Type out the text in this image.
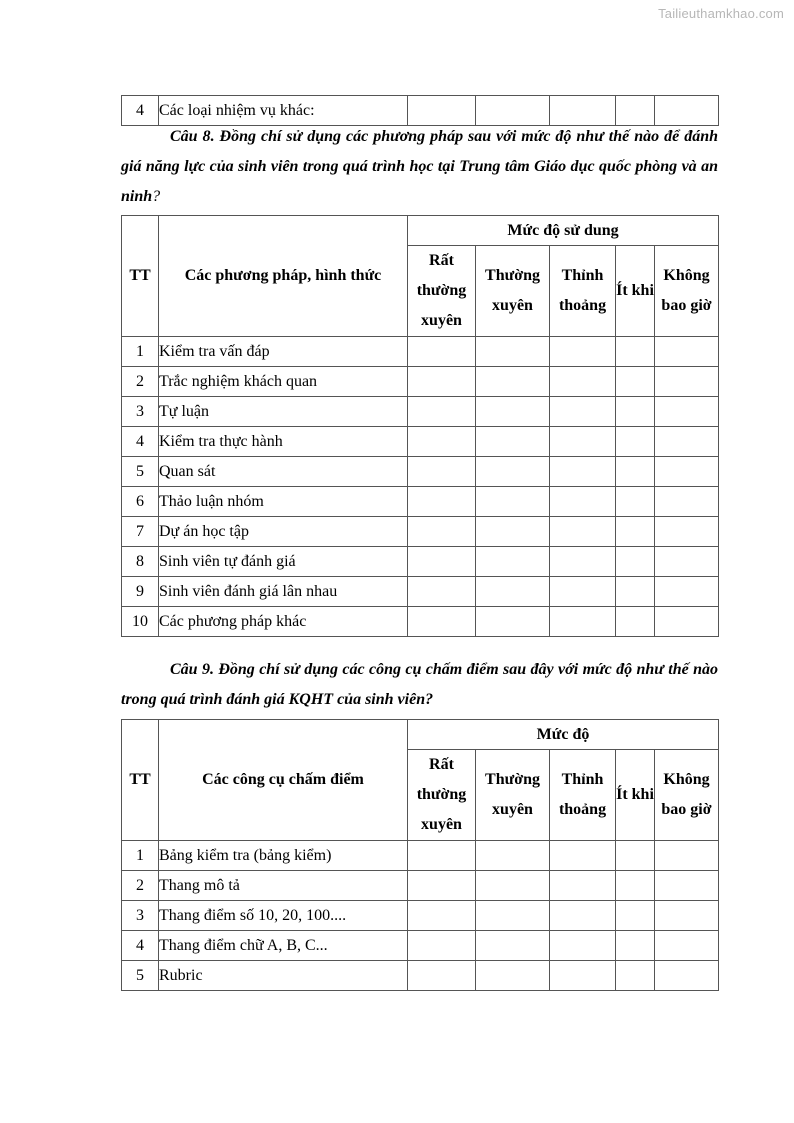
Tailieuthamkhao.com
4	Các loại nhiệm vụ khác:					

Câu 8. Đồng chí sử dụng các phương pháp sau với mức độ như thế nào để đánh giá năng lực của sinh viên trong quá trình học tại Trung tâm Giáo dục quốc phòng và an ninh?

TT	Các phương pháp, hình thức	Mức độ sử dung				
		Rất thường xuyên	Thường xuyên	Thỉnh thoảng	Ít khi	Không bao giờ
1	Kiểm tra vấn đáp					
2	Trắc nghiệm khách quan					
3	Tự luận					
4	Kiểm tra thực hành					
5	Quan sát					
6	Thảo luận nhóm					
7	Dự án học tập					
8	Sinh viên tự đánh giá					
9	Sinh viên đánh giá lân nhau					
10	Các phương pháp khác					

Câu 9. Đồng chí sử dụng các công cụ chấm điểm sau đây với mức độ như thế nào trong quá trình đánh giá KQHT của sinh viên?

TT	Các công cụ chấm điểm	Mức độ				
		Rất thường xuyên	Thường xuyên	Thỉnh thoảng	Ít khi	Không bao giờ
1	Bảng kiểm tra (bảng kiểm)					
2	Thang mô tả					
3	Thang điểm số 10, 20, 100....					
4	Thang điểm chữ A, B, C...					
5	Rubric					
